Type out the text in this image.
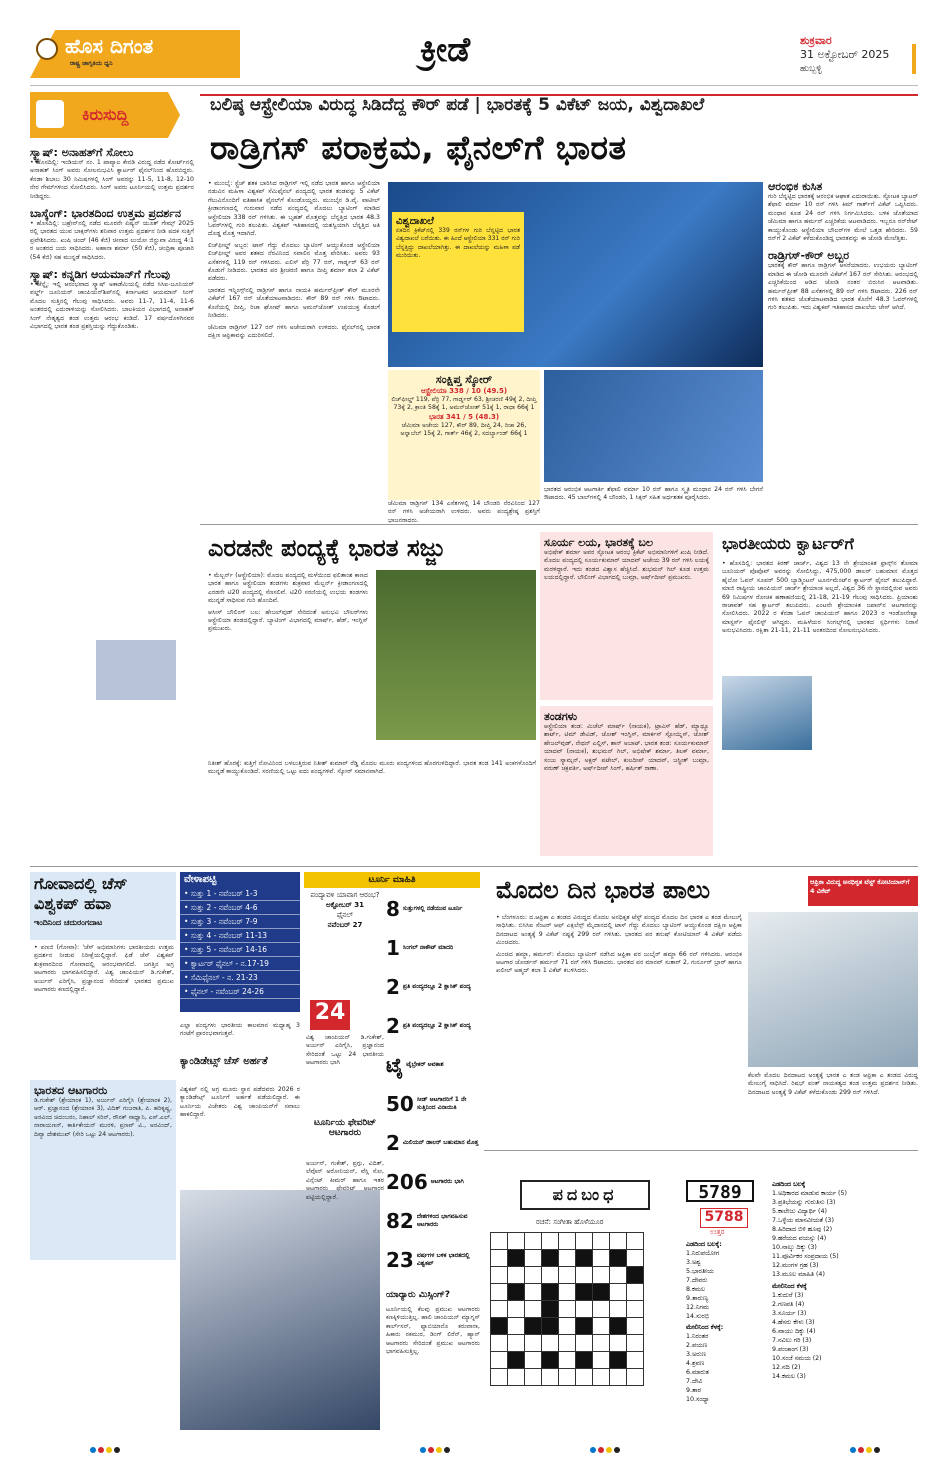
ಹೊಸ ದಿಗಂತ
ರಾಷ್ಟ್ರ ಜಾಗೃತಿಯ ಧ್ವನಿ	ಕ್ರೀಡೆ	ಶುಕ್ರವಾರ
31 ಅಕ್ಟೋಬರ್ 2025
ಹುಬ್ಬಳ್ಳಿ
ಕಿರುಸುದ್ದಿ
ಸ್ಕ್ವಾಷ್: ಅನಾಹತ್‌ಗೆ ಸೋಲು
• ಹೊಸದಿಲ್ಲಿ: ಇಂಡಿಯನ್ ನಂ. 1 ಪಾಪ್ಯಾಲ ಕೇನಡಿ ವಿರುದ್ಧ ನಡೆದ ಕೋರ್ಟ್‌ನಲ್ಲಿ ಅನಾಹತ್ ಸಿಂಗ್ ಅವರು ಸೋಲನುಭವಿಸಿ ಕ್ವಾರ್ಟರ್ ಫೈನಲ್‌ನಿಂದ ಹೊರಬಿದ್ದರು. ಕೆನಡಾ ಶಿಬಾಬ 30 ನಿಮಿಷಗಳಲ್ಲಿ ಸಿಂಗ್ ಅವರನ್ನು 11-5, 11-8, 12-10 ನೇರ ಗೇಮ್‌ಗಳಿಂದ ಸೋಲಿಸಿದರು. ಸಿಂಗ್ ಅವರು ಟೂರ್ನಿಯಲ್ಲಿ ಉತ್ತಮ ಪ್ರದರ್ಶನ ನೀಡಿದ್ದರು.
ಬಾಸ್ಕೆಂಗ್: ಭಾರತದಿಂದ ಉತ್ತಮ ಪ್ರದರ್ಶನ
• ಹೊಸದಿಲ್ಲಿ: ಬಹ್ರೇನ್‌ನಲ್ಲಿ ನಡೆದ ಮೂರನೇ ಏಷ್ಯನ್ ಯೂತ್ ಗೇಮ್ಸ್ 2025 ರಲ್ಲಿ ಭಾರತದ ಯುವ ಬಾಕ್ಸರ್‌ಗಳು ಶನಿವಾರ ಉತ್ತಮ ಪ್ರದರ್ಶನ ನೀಡಿ ಪದಕ ಸುತ್ತಿಗೆ ಪ್ರವೇಶಿಸಿದರು. ಖುಷಿ ಚಂದ್ (46 ಕೆಜಿ) ಚೀನಾದ ಲುಯೋ ಜಿನ್ಹುವಾ ವಿರುದ್ಧ 4:1 ರ ಅಂತರದ ಜಯ ಸಾಧಿಸಿದರು. ಅಹಾನಾ ಶರ್ಮಾ (50 ಕೆಜಿ), ಚಂದ್ರಿಕಾ ಪೂಜಾರಿ (54 ಕೆಜಿ) ಸಹ ಮುನ್ನಡೆ ಸಾಧಿಸಿದರು.
ಸ್ಕ್ವಾಷ್: ಕನ್ನಡಿಗ ಆಯಮಾನ್‌ಗೆ ಗೆಲುವು
• ಚೆನ್ನೈ: ಇಲ್ಲಿ ಆರಂಭವಾದ ಸ್ಕ್ವಾಷ್ ಅಕಾಡೆಮಿಯಲ್ಲಿ ನಡೆದ ಸಿಸಿಐ-ಜೂನಿಯರ್ ವರ್ಲ್ಡ್ ಜೂನಿಯರ್ ಚಾಂಪಿಯನ್‌ಶಿಪ್‌ನಲ್ಲಿ ಕರ್ನಾಟಕದ ಆಯಮಾನ್ ಸಿಂಗ್ ಮೊದಲ ಸುತ್ತಿನಲ್ಲಿ ಗೆಲುವು ಸಾಧಿಸಿದರು. ಅವರು 11-7, 11-4, 11-6 ಅಂತರದಲ್ಲಿ ಎದುರಾಳಿಯನ್ನು ಸೋಲಿಸಿದರು. ಬಾಲಕಿಯರ ವಿಭಾಗದಲ್ಲಿ ಅನಾಹತ್ ಸಿಂಗ್ ನೇತೃತ್ವದ ತಂಡ ಉತ್ತಮ ಆರಂಭ ಕಂಡಿದೆ. 17 ವರ್ಷದೊಳಗಿನವರ ವಿಭಾಗದಲ್ಲಿ ಭಾರತ ತಂಡ ಪ್ರಶಸ್ತಿಯನ್ನು ಗೆದ್ದುಕೊಂಡಿತು.
ಬಲಿಷ್ಠ ಆಸ್ಟ್ರೇಲಿಯಾ ವಿರುದ್ಧ ಸಿಡಿದೆದ್ದ ಕೌರ್ ಪಡೆ | ಭಾರತಕ್ಕೆ 5 ವಿಕೆಟ್ ಜಯ, ವಿಶ್ವದಾಖಲೆ
ರಾಡ್ರಿಗಸ್ ಪರಾಕ್ರಮ, ಫೈನಲ್‌ಗೆ ಭಾರತ
• ಮುಂಬೈ: ಸ್ಟ್ರೆಚ್ ಶತಕ ಬಾರಿಸಿದ ರಾಡ್ರಿಗಸ್ ಇಲ್ಲಿ ನಡೆದ ಭಾರತ ಹಾಗೂ ಆಸ್ಟ್ರೇಲಿಯಾ ನಡುವಿನ ಮಹಿಳಾ ವಿಶ್ವಕಪ್ ಸೆಮಿಫೈನಲ್ ಪಂದ್ಯದಲ್ಲಿ ಭಾರತ ತಂಡವನ್ನು 5 ವಿಕೆಟ್ ಗೆಲುವಿನೊಂದಿಗೆ ಐತಿಹಾಸಿಕ ಫೈನಲ್‌ಗೆ ಕೊಂಡೊಯ್ದರು. ಮುಂಬೈನ ಡಿ.ವೈ. ಪಾಟೀಲ್ ಕ್ರೀಡಾಂಗಣದಲ್ಲಿ ಗುರುವಾರ ನಡೆದ ಪಂದ್ಯದಲ್ಲಿ ಮೊದಲು ಬ್ಯಾಟಿಂಗ್ ಮಾಡಿದ ಆಸ್ಟ್ರೇಲಿಯಾ 338 ರನ್ ಗಳಿಸಿತು. ಈ ಬೃಹತ್ ಮೊತ್ತವನ್ನು ಬೆನ್ನತ್ತಿದ ಭಾರತ 48.3 ಓವರ್‌ಗಳಲ್ಲಿ ಗುರಿ ತಲುಪಿತು. ವಿಶ್ವಕಪ್ ಇತಿಹಾಸದಲ್ಲಿ ಯಶಸ್ವಿಯಾಗಿ ಬೆನ್ನತ್ತಿದ ಅತಿ ದೊಡ್ಡ ಮೊತ್ತ ಇದಾಗಿದೆ.
ಲಿಚ್‌ಫೀಲ್ಡ್ ಅಬ್ಬರ: ಟಾಸ್ ಗೆದ್ದು ಮೊದಲು ಬ್ಯಾಟಿಂಗ್ ಆಯ್ದುಕೊಂಡ ಆಸ್ಟ್ರೇಲಿಯಾ ಲಿಚ್‌ಫೀಲ್ಡ್ ಅವರ ಶತಕದ ನೆರವಿನಿಂದ ಸವಾಲಿನ ಮೊತ್ತ ಪೇರಿಸಿತು. ಅವರು 93 ಎಸೆತಗಳಲ್ಲಿ 119 ರನ್ ಗಳಿಸಿದರು. ಎಲಿಸ್ ಪೆರ್ರಿ 77 ರನ್, ಗಾರ್ಡ್ನರ್ 63 ರನ್ ಕೊಡುಗೆ ನೀಡಿದರು. ಭಾರತದ ಪರ ಶ್ರೀಚರಣಿ ಹಾಗೂ ದೀಪ್ತಿ ಶರ್ಮಾ ತಲಾ 2 ವಿಕೆಟ್ ಪಡೆದರು.
ಭಾರತದ ಇನ್ನಿಂಗ್ಸ್‌ನಲ್ಲಿ ರಾಡ್ರಿಗಸ್ ಹಾಗೂ ನಾಯಕಿ ಹರ್ಮನ್‌ಪ್ರೀತ್ ಕೌರ್ ಮೂರನೇ ವಿಕೆಟ್‌ಗೆ 167 ರನ್ ಜೊತೆಯಾಟವಾಡಿದರು. ಕೌರ್ 89 ರನ್ ಗಳಿಸಿ ಔಟಾದರು. ಕೊನೆಯಲ್ಲಿ ದೀಪ್ತಿ, ರಿಚಾ ಘೋಷ್ ಹಾಗೂ ಅಮನ್‌ಜೋತ್ ಉಪಯುಕ್ತ ಕೊಡುಗೆ ನೀಡಿದರು.
ಜೆಮಿಮಾ ರಾಡ್ರಿಗಸ್ 127 ರನ್ ಗಳಿಸಿ ಅಜೇಯರಾಗಿ ಉಳಿದರು. ಫೈನಲ್‌ನಲ್ಲಿ ಭಾರತ ದಕ್ಷಿಣ ಆಫ್ರಿಕಾವನ್ನು ಎದುರಿಸಲಿದೆ.
ವಿಶ್ವದಾಖಲೆ
ಏಕದಿನ ಕ್ರಿಕೆಟ್‌ನಲ್ಲಿ 339 ರನ್‌ಗಳ ಗುರಿ ಬೆನ್ನಟ್ಟಿದ ಭಾರತ ವಿಶ್ವದಾಖಲೆ ಬರೆಯಿತು. ಈ ಹಿಂದೆ ಆಸ್ಟ್ರೇಲಿಯಾ 331 ರನ್ ಗುರಿ ಬೆನ್ನತ್ತಿದ್ದು ದಾಖಲೆಯಾಗಿತ್ತು. ಈ ದಾಖಲೆಯನ್ನು ಮಹಿಳಾ ಪಡೆ ಮುರಿಯಿತು.
ಸಂಕ್ಷಿಪ್ತ ಸ್ಕೋರ್
ಆಸ್ಟ್ರೇಲಿಯಾ 338 / 10 (49.5)
ಲಿಚ್‌ಫೀಲ್ಡ್ 119, ಪೆರ್ರಿ 77, ಗಾರ್ಡ್ನರ್ 63, ಶ್ರೀಚರಣಿ 49ಕ್ಕೆ 2, ದೀಪ್ತಿ 73ಕ್ಕೆ 2, ಕ್ರಾಂತಿ 58ಕ್ಕೆ 1, ಅಮನ್‌ಜೋತ್ 51ಕ್ಕೆ 1, ರಾಧಾ 66ಕ್ಕೆ 1
ಭಾರತ 341 / 5 (48.3)
ಜೆಮಿಮಾ ಅಜೇಯ 127, ಕೌರ್ 89, ದೀಪ್ತಿ 24, ರಿಚಾ 26, ಅನ್ನಾಬೆಲ್ 15ಕ್ಕೆ 2, ಗಾರ್ತ್ 46ಕ್ಕೆ 2, ಸದರ್ಲ್ಯಾಂಡ್ 66ಕ್ಕೆ 1
ಜೆಮಿಮಾ ರಾಡ್ರಿಗಸ್ 134 ಎಸೆತಗಳಲ್ಲಿ 14 ಬೌಂಡರಿ ನೆರವಿನಿಂದ 127 ರನ್ ಗಳಿಸಿ ಅಜೇಯರಾಗಿ ಉಳಿದರು. ಅವರು ಪಂದ್ಯಶ್ರೇಷ್ಠ ಪ್ರಶಸ್ತಿಗೆ ಭಾಜನರಾದರು.
ಭಾರತದ ಆರಂಭಿಕ ಆಟಗಾರ್ತಿ ಶೆಫಾಲಿ ವರ್ಮಾ 10 ರನ್ ಹಾಗೂ ಸ್ಮೃತಿ ಮಂಧಾನ 24 ರನ್ ಗಳಿಸಿ ಬೇಗನೆ ಔಟಾದರು. 45 ಬಾಲ್‌ಗಳಲ್ಲಿ 4 ಬೌಂಡರಿ, 1 ಸಿಕ್ಸರ್ ಸಹಿತ ಅರ್ಧಶತಕ ಪೂರೈಸಿದರು.
ಆರಂಭಿಕ ಕುಸಿತ
ಗುರಿ ಬೆನ್ನಟ್ಟಿದ ಭಾರತಕ್ಕೆ ಆರಂಭಿಕ ಆಘಾತ ಎದುರಾಯಿತು. ಸ್ಫೋಟಕ ಬ್ಯಾಟರ್ ಶೆಫಾಲಿ ವರ್ಮಾ 10 ರನ್ ಗಳಿಸಿ ಕಿಮ್ ಗಾರ್ತ್‌ಗೆ ವಿಕೆಟ್ ಒಪ್ಪಿಸಿದರು. ಮಂಧಾನ ಕೂಡ 24 ರನ್ ಗಳಿಸಿ ನಿರ್ಗಮಿಸಿದರು. ಬಳಿಕ ಜೊತೆಯಾದ ಜೆಮಿಮಾ ಹಾಗೂ ಹರ್ಮನ್ ಎಚ್ಚರಿಕೆಯ ಆಟವಾಡಿದರು. ಇಬ್ಬರೂ ರನ್‌ರೇಟ್ ಕಾಯ್ದುಕೊಂಡು ಆಸ್ಟ್ರೇಲಿಯಾ ಬೌಲರ್‌ಗಳ ಮೇಲೆ ಒತ್ತಡ ಹೇರಿದರು. 59 ರನ್‌ಗೆ 2 ವಿಕೆಟ್ ಕಳೆದುಕೊಂಡಿದ್ದ ಭಾರತವನ್ನು ಈ ಜೋಡಿ ಮೇಲೆತ್ತಿತು.
ರಾಡ್ರಿಗಸ್-ಕೌರ್ ಅಬ್ಬರ
ಭಾರತಕ್ಕೆ ಕೌರ್ ಹಾಗೂ ರಾಡ್ರಿಗಸ್ ಆಸರೆಯಾದರು. ಉಭಯರು ಬ್ಯಾಟಿಂಗ್ ಮಾಡಿದ ಈ ಜೋಡಿ ಮೂರನೇ ವಿಕೆಟ್‌ಗೆ 167 ರನ್ ಸೇರಿಸಿತು. ಆರಂಭದಲ್ಲಿ ಎಚ್ಚರಿಕೆಯಿಂದ ಆಡಿದ ಜೋಡಿ ನಂತರ ಬಿರುಸಿನ ಆಟವಾಡಿತು. ಹರ್ಮನ್‌ಪ್ರೀತ್ 88 ಎಸೆತಗಳಲ್ಲಿ 89 ರನ್ ಗಳಿಸಿ ಔಟಾದರು. 226 ರನ್ ಗಳಿಸಿ ಶತಕದ ಜೊತೆಯಾಟವಾಡಿದ ಭಾರತ ಕೊನೆಗೆ 48.3 ಓವರ್‌ಗಳಲ್ಲಿ ಗುರಿ ತಲುಪಿತು. ಇದು ವಿಶ್ವಕಪ್ ಇತಿಹಾಸದ ದಾಖಲೆಯ ಚೇಸ್ ಆಗಿದೆ.
ಎರಡನೇ ಪಂದ್ಯಕ್ಕೆ ಭಾರತ ಸಜ್ಜು
• ಮೆಲ್ಬರ್ನ್ (ಆಸ್ಟ್ರೇಲಿಯಾ): ಮೊದಲ ಪಂದ್ಯದಲ್ಲಿ ಮಳೆಯಿಂದ ಫಲಿತಾಂಶ ಕಾಣದ ಭಾರತ ಹಾಗೂ ಆಸ್ಟ್ರೇಲಿಯಾ ತಂಡಗಳು ಶುಕ್ರವಾರ ಮೆಲ್ಬರ್ನ್ ಕ್ರೀಡಾಂಗಣದಲ್ಲಿ ಎರಡನೇ ಟಿ20 ಪಂದ್ಯದಲ್ಲಿ ಸೆಣಸಲಿವೆ. ಟಿ20 ಸರಣಿಯಲ್ಲಿ ಉಭಯ ತಂಡಗಳು ಮುನ್ನಡೆ ಸಾಧಿಸುವ ಗುರಿ ಹೊಂದಿವೆ.
ಆಸೀಸ್ ಬೌಲಿಂಗ್ ಬಲ: ಹೇಜಲ್‌ವುಡ್ ಸೇರಿದಂತೆ ಅನುಭವಿ ಬೌಲರ್‌ಗಳು ಆಸ್ಟ್ರೇಲಿಯಾ ತಂಡದಲ್ಲಿದ್ದಾರೆ. ಬ್ಯಾಟಿಂಗ್ ವಿಭಾಗದಲ್ಲಿ ಮಾರ್ಷ್, ಹೆಡ್, ಇಂಗ್ಲಿಸ್ ಪ್ರಮುಖರು.
ನಿತೀಶ್ ಹೊರಕ್ಕೆ: ಕುತ್ತಿಗೆ ನೋವಿನಿಂದ ಬಳಲುತ್ತಿರುವ ನಿತೀಶ್ ಕುಮಾರ್ ರೆಡ್ಡಿ ಮೊದಲ ಮೂರು ಪಂದ್ಯಗಳಿಂದ ಹೊರಗುಳಿದಿದ್ದಾರೆ. ಭಾರತ ತಂಡ 141 ಅಂಕಗಳೊಂದಿಗೆ ಮುನ್ನಡೆ ಕಾಯ್ದುಕೊಂಡಿದೆ. ಸರಣಿಯಲ್ಲಿ ಒಟ್ಟು ಐದು ಪಂದ್ಯಗಳಿವೆ. ಸ್ಕೋರ್ ಸಮಾನವಾಗಿದೆ.
ಸೂರ್ಯ ಲಯ, ಭಾರತಕ್ಕೆ ಬಲ
ಅಭಿಷೇಕ್ ಶರ್ಮಾ ಅವರ ಸ್ಫೋಟಕ ಆರಂಭ ಕ್ರಿಕೆಟ್ ಅಭಿಮಾನಿಗಳಿಗೆ ಖುಷಿ ನೀಡಿದೆ. ಮೊದಲ ಪಂದ್ಯದಲ್ಲಿ ಸೂರ್ಯಕುಮಾರ್ ಯಾದವ್ ಅಜೇಯ 39 ರನ್ ಗಳಿಸಿ ಲಯಕ್ಕೆ ಮರಳಿದ್ದಾರೆ. ಇದು ತಂಡದ ವಿಶ್ವಾಸ ಹೆಚ್ಚಿಸಿದೆ. ಶುಭಮನ್ ಗಿಲ್ ಕೂಡ ಉತ್ತಮ ಲಯದಲ್ಲಿದ್ದಾರೆ. ಬೌಲಿಂಗ್ ವಿಭಾಗದಲ್ಲಿ ಬುಮ್ರಾ, ಅರ್ಷ್‌ದೀಪ್ ಪ್ರಮುಖರು.
ತಂಡಗಳು
ಆಸ್ಟ್ರೇಲಿಯಾ ತಂಡ: ಮಿಚೆಲ್ ಮಾರ್ಷ್ (ನಾಯಕ), ಟ್ರಾವಿಸ್ ಹೆಡ್, ಮ್ಯಾಥ್ಯೂ ಶಾರ್ಟ್, ಟಿಮ್ ಡೇವಿಡ್, ಜೋಶ್ ಇಂಗ್ಲಿಸ್, ಮಾರ್ಕಸ್ ಸ್ಟೋಯ್ನಿಸ್, ಜೋಶ್ ಹೇಜಲ್‌ವುಡ್, ನೇಥನ್ ಎಲ್ಲಿಸ್, ಶಾನ್ ಅಬಾಟ್. ಭಾರತ ತಂಡ: ಸೂರ್ಯಕುಮಾರ್ ಯಾದವ್ (ನಾಯಕ), ಶುಭಮನ್ ಗಿಲ್, ಅಭಿಷೇಕ್ ಶರ್ಮಾ, ತಿಲಕ್ ವರ್ಮಾ, ಸಂಜು ಸ್ಯಾಮ್ಸನ್, ಅಕ್ಷರ್ ಪಟೇಲ್, ಕುಲದೀಪ್ ಯಾದವ್, ಜಸ್ಪ್ರೀತ್ ಬುಮ್ರಾ, ವರುಣ್ ಚಕ್ರವರ್ತಿ, ಅರ್ಷ್‌ದೀಪ್ ಸಿಂಗ್, ಹರ್ಷಿತ್ ರಾಣಾ.
ಭಾರತೀಯರು ಕ್ವಾರ್ಟರ್‌ಗೆ
• ಹೊಸದಿಲ್ಲಿ: ಭಾರತದ ಕಿರಣ್ ಜಾರ್ಜ್, ವಿಶ್ವದ 13 ನೇ ಶ್ರೇಯಾಂಕಿತ ಫ್ರಾನ್ಸ್‌ನ ತೋಮಾ ಜೂನಿಯರ್ ಪೊಪೊವ್ ಅವರನ್ನು ಸೋಲಿಸಿದ್ದು, 475,000 ಡಾಲರ್ ಬಹುಮಾನ ಮೊತ್ತದ ಹೈಲೋ ಓಪನ್ ಸೂಪರ್ 500 ಬ್ಯಾಡ್ಮಿಂಟನ್ ಟೂರ್ನಮೆಂಟ್‌ನ ಕ್ವಾರ್ಟರ್ ಫೈನಲ್ ತಲುಪಿದ್ದಾರೆ. ಮಾಜಿ ರಾಷ್ಟ್ರೀಯ ಚಾಂಪಿಯನ್ ಜಾರ್ಜ್ ಶ್ರೇಯಾಂಕ ಅಲ್ಲದೆ, ವಿಶ್ವದ 36 ನೇ ಸ್ಥಾನದಲ್ಲಿರುವ ಅವರು 69 ನಿಮಿಷಗಳ ರೋಚಕ ಹಣಾಹಣಿಯಲ್ಲಿ 21-18, 21-19 ಗೆಲುವು ಸಾಧಿಸಿದರು. ಪ್ರಿಯಾಂಶು ರಾಜಾವತ್ ಸಹ ಕ್ವಾರ್ಟರ್ ತಲುಪಿದರು. ಎಂಟನೇ ಶ್ರೇಯಾಂಕಿತ ಜಪಾನ್‌ನ ಆಟಗಾರನನ್ನು ಸೋಲಿಸಿದರು. 2022 ರ ಕೆನಡಾ ಓಪನ್ ಚಾಂಪಿಯನ್ ಹಾಗೂ 2023 ರ ಇಂಡೋನೇಷ್ಯಾ ಮಾಸ್ಟರ್ಸ್ ಫೈನಲಿಸ್ಟ್ ಆಗಿದ್ದರು. ಮಹಿಳೆಯರ ಸಿಂಗಲ್ಸ್‌ನಲ್ಲಿ ಭಾರತದ ಸ್ಪರ್ಧಿಗಳು ನಿರಾಸೆ ಅನುಭವಿಸಿದರು. ರಕ್ಷಿತಾ 21-11, 21-11 ಅಂತರದಿಂದ ಸೋಲನುಭವಿಸಿದರು.
ಗೋವಾದಲ್ಲಿ ಚೆಸ್ ವಿಶ್ವಕಪ್ ಹವಾ
ಇಂದಿನಿಂದ ಚದುರಂಗದಾಟ
• ಪಣಜಿ (ಗೋವಾ): 'ಚೆಸ್ ಅಭಿಮಾನಿಗಳು ಭಾರತೀಯರು ಉತ್ತಮ ಪ್ರದರ್ಶನ ನೀಡುವ ನಿರೀಕ್ಷೆಯಲ್ಲಿದ್ದಾರೆ. ಫಿಡೆ ಚೆಸ್ ವಿಶ್ವಕಪ್ ಶುಕ್ರವಾರದಿಂದ ಗೋವಾದಲ್ಲಿ ಆರಂಭವಾಗಲಿದೆ. ಜಗತ್ತಿನ ಅಗ್ರ ಆಟಗಾರರು ಭಾಗವಹಿಸಲಿದ್ದಾರೆ. ವಿಶ್ವ ಚಾಂಪಿಯನ್ ಡಿ.ಗುಕೇಶ್, ಅರ್ಜುನ್ ಎರಿಗೈಸಿ, ಪ್ರಜ್ಞಾನಂದ ಸೇರಿದಂತೆ ಭಾರತದ ಪ್ರಮುಖ ಆಟಗಾರರು ಕಣದಲ್ಲಿದ್ದಾರೆ.
ಭಾರತದ ಆಟಗಾರರು
ಡಿ.ಗುಕೇಶ್ (ಶ್ರೇಯಾಂಕ 1), ಅರ್ಜುನ್ ಎರಿಗೈಸಿ (ಶ್ರೇಯಾಂಕ 2), ಆರ್. ಪ್ರಜ್ಞಾನಂದ (ಶ್ರೇಯಾಂಕ 3), ವಿದಿತ್ ಗುಜರಾತಿ, ಪಿ. ಹರಿಕೃಷ್ಣ, ಅರವಿಂದ ಚಿದಂಬರಂ, ನಿಹಾಲ್ ಸರಿನ್, ರೌನಕ್ ಸಾಧ್ವಾನಿ, ಎಸ್.ಎಲ್. ನಾರಾಯಣನ್, ಕಾರ್ತಿಕೇಯನ್ ಮುರಳಿ, ಪ್ರಣವ್ ವಿ., ಅರವಿಂದ್, ದಿವ್ಯಾ ದೇಶಮುಖ್ (ಸೇರಿ ಒಟ್ಟು 24 ಆಟಗಾರರು).
ವೇಳಾಪಟ್ಟಿ
• ಸುತ್ತು 1 - ನವೆಂಬರ್ 1-3
• ಸುತ್ತು 2 - ನವೆಂಬರ್ 4-6
• ಸುತ್ತು 3 - ನವೆಂಬರ್ 7-9
• ಸುತ್ತು 4 - ನವೆಂಬರ್ 11-13
• ಸುತ್ತು 5 - ನವೆಂಬರ್ 14-16
• ಕ್ವಾರ್ಟರ್ ಫೈನಲ್ - ನ.17-19
• ಸೆಮಿಫೈನಲ್ - ನ. 21-23
• ಫೈನಲ್ - ನವೆಂಬರ್ 24-26
ಎಲ್ಲಾ ಪಂದ್ಯಗಳು ಭಾರತೀಯ ಕಾಲಮಾನ ಮಧ್ಯಾಹ್ನ 3 ಗಂಟೆಗೆ ಪ್ರಾರಂಭವಾಗುತ್ತವೆ.
ಕ್ಯಾಂಡಿಡೇಟ್ಸ್ ಚೆಸ್ ಅರ್ಹತೆ
ವಿಶ್ವಕಪ್ ನಲ್ಲಿ ಅಗ್ರ ಮೂರು ಸ್ಥಾನ ಪಡೆದವರು 2026 ರ ಕ್ಯಾಂಡಿಡೇಟ್ಸ್ ಟೂರ್ನಿಗೆ ಅರ್ಹತೆ ಪಡೆಯಲಿದ್ದಾರೆ. ಈ ಟೂರ್ನಿಯ ವಿಜೇತರು ವಿಶ್ವ ಚಾಂಪಿಯನ್‌ಗೆ ಸವಾಲು ಹಾಕಲಿದ್ದಾರೆ.
ಟೂರ್ನಿ ಮಾಹಿತಿ
ಪಂದ್ಯಾವಳಿ ಯಾವಾಗ ಆರಂಭ?
ಅಕ್ಟೋಬರ್ 31
ಫೈನಲ್
ನವೆಂಬರ್ 27
24
ವಿಶ್ವ ಚಾಂಪಿಯನ್ ಡಿ.ಗುಕೇಶ್, ಅರ್ಜುನ್ ಎರಿಗೈಸಿ, ಪ್ರಜ್ಞಾನಂದ ಸೇರಿದಂತೆ ಒಟ್ಟು 24 ಭಾರತೀಯ ಆಟಗಾರರು ಭಾಗಿ
ಟೂರ್ನಿಯ ಫೇವರಿಟ್ ಆಟಗಾರರು
ಅರ್ಜುನ್, ಗುಕೇಶ್, ಪ್ರಗ್ಗು, ವಿದಿತ್, ಲೆವೊನ್ ಅರೋನಿಯನ್, ವೆಸ್ಲಿ ಸೋ, ವಿನ್ಸೆಂಟ್ ಕೀಮರ್ ಹಾಗೂ ಇತರ ಆಟಗಾರರು ಫೇವರಿಟ್ ಆಟಗಾರರ ಪಟ್ಟಿಯಲ್ಲಿದ್ದಾರೆ.
ಯಾರ್‍ಯಾರು ಮಿಸ್ಸಿಂಗ್?
ಟೂರ್ನಿಯಲ್ಲಿ ಕೆಲವು ಪ್ರಮುಖ ಆಟಗಾರರು ಕಣಕ್ಕಿಳಿಯುತ್ತಿಲ್ಲ. ಹಾಲಿ ಚಾಂಪಿಯನ್ ಮ್ಯಾಗ್ನಸ್ ಕಾರ್ಲ್‌ಸನ್, ಫ್ಯಾಬಿಯಾನೊ ಕರುವಾನಾ, ಹಿಕಾರು ನಕಮುರ, ಡಿಂಗ್ ಲಿರೆನ್, ಹ್ಯಾನ್ ಆಟಗಾರರು ಸೇರಿದಂತೆ ಪ್ರಮುಖ ಆಟಗಾರರು ಭಾಗವಹಿಸುತ್ತಿಲ್ಲ.
8 ಸುತ್ತುಗಳಲ್ಲಿ ನಡೆಯುವ ಟೂರ್ನಿ
1 ಸಿಂಗಲ್ ನಾಕೌಟ್ ಮಾದರಿ
2 ಪ್ರತಿ ಪಂದ್ಯದಲ್ಲೂ 2 ಕ್ಲಾಸಿಕ್ ಪಂದ್ಯ
2 ಪ್ರತಿ ಪಂದ್ಯದಲ್ಲೂ 2 ಕ್ಲಾಸಿಕ್ ಪಂದ್ಯ
ಟೈ ಟೈಬ್ರೇಕರ್ ಅವಕಾಶ
50 ಸೀಡ್ ಆಟಗಾರರಿಗೆ 1 ನೇ ಸುತ್ತಿನಿಂದ ವಿನಾಯಿತಿ
2 ಮಿಲಿಯನ್ ಡಾಲರ್ ಬಹುಮಾನ ಮೊತ್ತ
206 ಆಟಗಾರರು ಭಾಗಿ
82 ದೇಶಗಳಿಂದ ಭಾಗವಹಿಸುವ ಆಟಗಾರರು
23 ವರ್ಷಗಳ ಬಳಿಕ ಭಾರತದಲ್ಲಿ ವಿಶ್ವಕಪ್
ಮೊದಲ ದಿನ ಭಾರತ ಪಾಲು	ಆಫ್ರಿಕಾ ವಿರುದ್ಧ ಅನಧಿಕೃತ ಟೆಸ್ಟ್ ಕೋಟಿಯಾನ್‌ಗೆ 4 ವಿಕೆಟ್
• ಬೆಂಗಳೂರು: ದ.ಆಫ್ರಿಕಾ ಎ ತಂಡದ ವಿರುದ್ಧದ ಮೊದಲ ಅನಧಿಕೃತ ಟೆಸ್ಟ್ ಪಂದ್ಯದ ಮೊದಲ ದಿನ ಭಾರತ ಎ ತಂಡ ಮೇಲುಗೈ ಸಾಧಿಸಿತು. ಬಿಸಿಸಿಐ ಸೆಂಟರ್ ಆಫ್ ಎಕ್ಸಲೆನ್ಸ್ ಮೈದಾನದಲ್ಲಿ ಟಾಸ್ ಗೆದ್ದು ಮೊದಲು ಬ್ಯಾಟಿಂಗ್ ಆಯ್ದುಕೊಂಡ ದಕ್ಷಿಣ ಆಫ್ರಿಕಾ ದಿನದಾಟದ ಅಂತ್ಯಕ್ಕೆ 9 ವಿಕೆಟ್ ನಷ್ಟಕ್ಕೆ 299 ರನ್ ಗಳಿಸಿತು. ಭಾರತದ ಪರ ತನುಷ್ ಕೋಟಿಯಾನ್ 4 ವಿಕೆಟ್ ಪಡೆದು ಮಿಂಚಿದರು.
ಮಿಂಚಿದ ಹಮ್ಜಾ, ಹರ್ಮನ್: ಮೊದಲು ಬ್ಯಾಟಿಂಗ್ ನಡೆಸಿದ ಆಫ್ರಿಕಾ ಪರ ಜುಬೈರ್ ಹಮ್ಜಾ 66 ರನ್ ಗಳಿಸಿದರು. ಆರಂಭಿಕ ಆಟಗಾರ ಜೋರ್ಡನ್ ಹರ್ಮನ್ 71 ರನ್ ಗಳಿಸಿ ಔಟಾದರು. ಭಾರತದ ಪರ ಮಾನವ್ ಸುತಾರ್ 2, ಗುರ್ನೂರ್ ಬ್ರಾರ್ ಹಾಗೂ ಖಲೀಲ್ ಅಹ್ಮದ್ ತಲಾ 1 ವಿಕೆಟ್ ಕಬಳಿಸಿದರು.
ಕೆಲವೇ ಮೊದಲ ದಿನದಾಟದ ಅಂತ್ಯಕ್ಕೆ ಭಾರತ ಎ ತಂಡ ಆಫ್ರಿಕಾ ಎ ತಂಡದ ವಿರುದ್ಧ ಮೇಲುಗೈ ಸಾಧಿಸಿದೆ. ರಿಷಭ್ ಪಂತ್ ನಾಯಕತ್ವದ ತಂಡ ಉತ್ತಮ ಪ್ರದರ್ಶನ ನೀಡಿತು. ದಿನದಾಟದ ಅಂತ್ಯಕ್ಕೆ 9 ವಿಕೆಟ್ ಕಳೆದುಕೊಂಡು 299 ರನ್ ಗಳಿಸಿದೆ.
ಪದಬಂಧ
ರಚನೆ: ಸಂಗೀತಾ ಹೊಳೆಯೂರ
5789
5788
ಉತ್ತರ

ಎಡದಿಂದ ಬಲಕ್ಕೆ:
1.ನಿರುಪಯೋಗ
3.ಅಶ್ವ
5.ಭಾರತೀಯ
7.ದೇವರು
8.ಕಮಲ
9.ತಾರುಣ್ಯ
12.ನಿಗಮ
14.ಸುರಭಿ
ಮೇಲಿನಿಂದ ಕೆಳಕ್ಕೆ:
1.ನಿರಂತರ
2.ಪಯಣ
3.ಅರುಣ
4.ಶ್ರವಣ
6.ಮಾರುತ
7.ದೇವಿ
9.ತಾರ
10.ಸಂಧ್ಯಾ
ಎಡದಿಂದ ಬಲಕ್ಕೆ
1.ಅಧಿಕಾರದ ಮಾಡುವ ಕಾರ್ಯ (5)
3.ಪ್ರತಿಭೆಯನ್ನು ಗುರುತಿಸು (3)
5.ಕಾಲೇಜು ವಿದ್ಯಾರ್ಥಿ (4)
7.ಒಳ್ಳೆಯ ಮಾನವೀಯತೆ (3)
8.ಹಿರಿದಾದ ಬಿಳಿ ಹೂವು (2)
9.ಹರೆಯದ ವಯಸ್ಸು (4)
10.ನಾಲ್ಕು ದಿಕ್ಕು (3)
11.ಪೂರ್ವಿಕರ ಸಂಪ್ರದಾಯ (5)
12.ಮಂಗಳ ಗ್ರಹ (3)
13.ಮೂಲ ಮಾಹಿತಿ (4)
ಮೇಲಿನಿಂದ ಕೆಳಕ್ಕೆ
1.ಕುದುರೆ (3)
2.ಗಣಪತಿ (4)
3.ಸೂರ್ಯ (3)
4.ಹೆಸರು ಕೇಳು (3)
6.ವಾಯು ದಿಕ್ಕು (4)
7.ನವಿಲು ಗರಿ (3)
9.ಪಂಚಾಂಗ (3)
10.ಸಂಜೆ ಸಮಯ (2)
12.ನದಿ (2)
14.ಕಮಲ (3)
